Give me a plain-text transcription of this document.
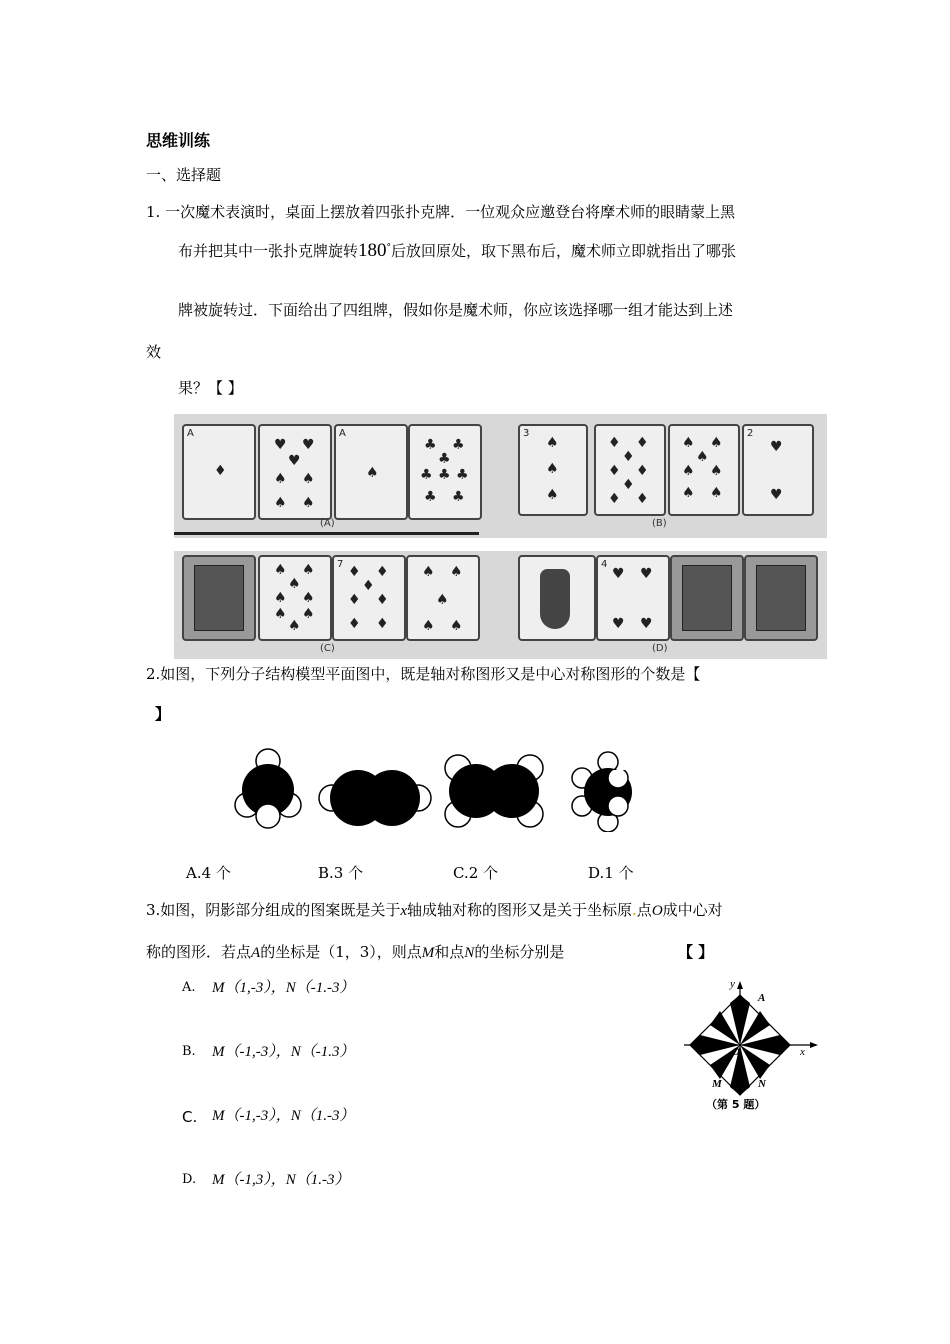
思维训练
一、选择题
1. 一次魔术表演时，桌面上摆放着四张扑克牌．一位观众应邀登台将摩术师的眼睛蒙上黑
布并把其中一张扑克牌旋转180°后放回原处，取下黑布后，魔术师立即就指出了哪张
牌被旋转过．下面给出了四组牌，假如你是魔术师，你应该选择哪一组才能达到上述
效
果？【 】
A
♦
♥ ♥
♥
♠ ♠
♠ ♠
A
♠
♣ ♣
♣
♣ ♣ ♣
♣ ♣
3
♠
♠
♠
♦ ♦
♦
♦ ♦
♦
♦ ♦
♠ ♠
♠
♠ ♠
♠ ♠
2
♥
♥
(A)	(B)
♠ ♠
♠
♠ ♠
♠ ♠
♠
7 ♦ ♦
♦
♦ ♦
♦ ♦
♠ ♠
♠
♠ ♠
4
♥ ♥
♥ ♥
(C)	(D)
2.如图，下列分子结构模型平面图中，既是轴对称图形又是中心对称图形的个数是【
】
A.4 个	B.3 个	C.2 个	D.1 个
3.如图，阴影部分组成的图案既是关于x轴成轴对称的图形又是关于坐标原.点O成中心对
称的图形．若点A的坐标是（1，3），则点M和点N的坐标分别是	【 】
A. M（1,-3），N（-1.-3）
B. M（-1,-3），N（-1.3）
C. M（-1,-3），N（1.-3）
D. M（-1,3），N（1.-3）
y
A
x
O
M	N
（第 5 题）
